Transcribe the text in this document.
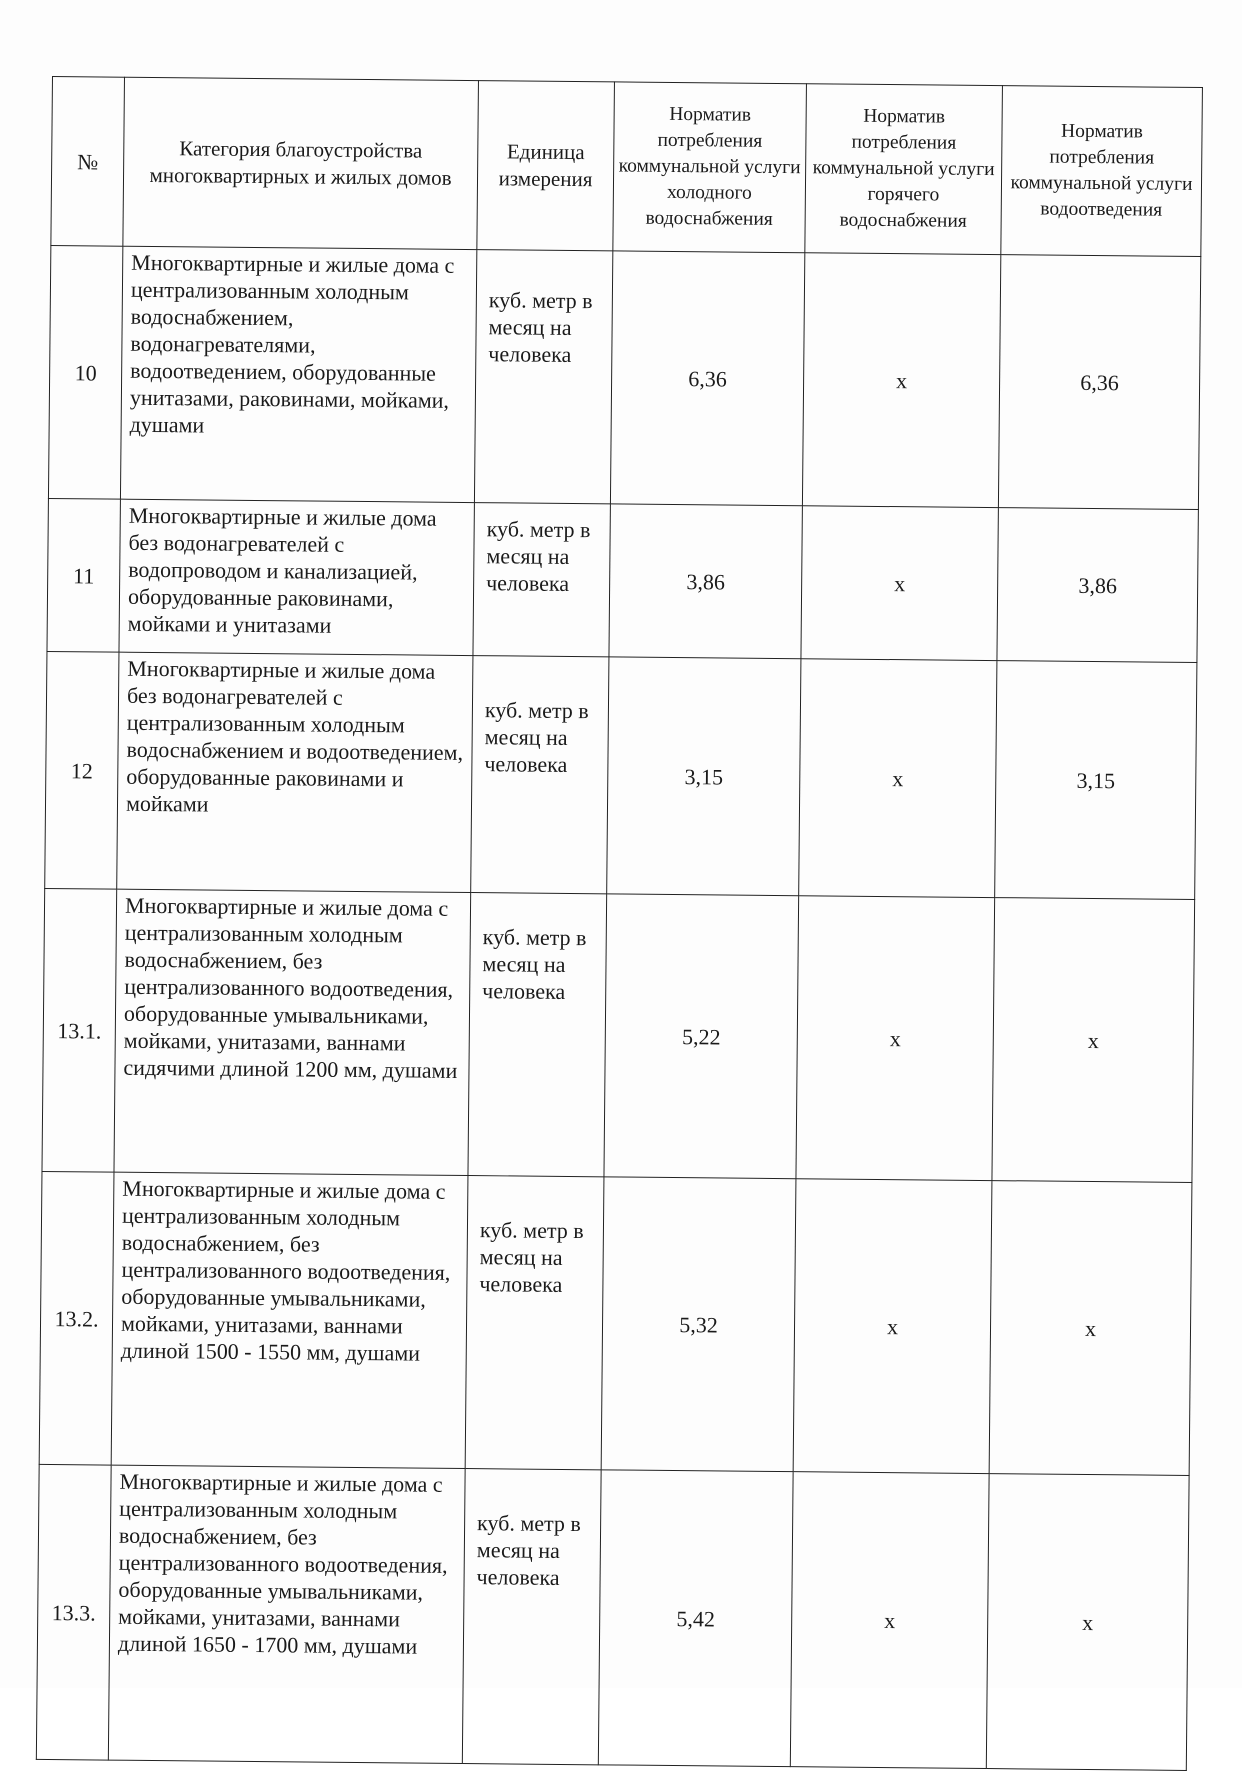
№	Категория благоустройства многоквартирных и жилых домов	Единица измерения	Норматив потребления коммунальной услуги холодного водоснабжения	Норматив потребления коммунальной услуги горячего водоснабжения	Норматив потребления коммунальной услуги водоотведения
10	Многоквартирные и жилые дома с централизованным холодным водоснабжением, водонагревателями, водоотведением, оборудованные унитазами, раковинами, мойками, душами	куб. метр в месяц на человека	6,36	х	6,36
11	Многоквартирные и жилые дома без водонагревателей с водопроводом и канализацией, оборудованные раковинами, мойками и унитазами	куб. метр в месяц на человека	3,86	х	3,86
12	Многоквартирные и жилые дома без водонагревателей с централизованным холодным водоснабжением и водоотведением, оборудованные раковинами и мойками	куб. метр в месяц на человека	3,15	х	3,15
13.1.	Многоквартирные и жилые дома с централизованным холодным водоснабжением, без централизованного водоотведения, оборудованные умывальниками, мойками, унитазами, ваннами сидячими длиной 1200 мм, душами	куб. метр в месяц на человека	5,22	х	х
13.2.	Многоквартирные и жилые дома с централизованным холодным водоснабжением, без централизованного водоотведения, оборудованные умывальниками, мойками, унитазами, ваннами длиной 1500 - 1550 мм, душами	куб. метр в месяц на человека	5,32	х	х
13.3.	Многоквартирные и жилые дома с централизованным холодным водоснабжением, без централизованного водоотведения, оборудованные умывальниками, мойками, унитазами, ваннами длиной 1650 - 1700 мм, душами	куб. метр в месяц на человека	5,42	х	х
